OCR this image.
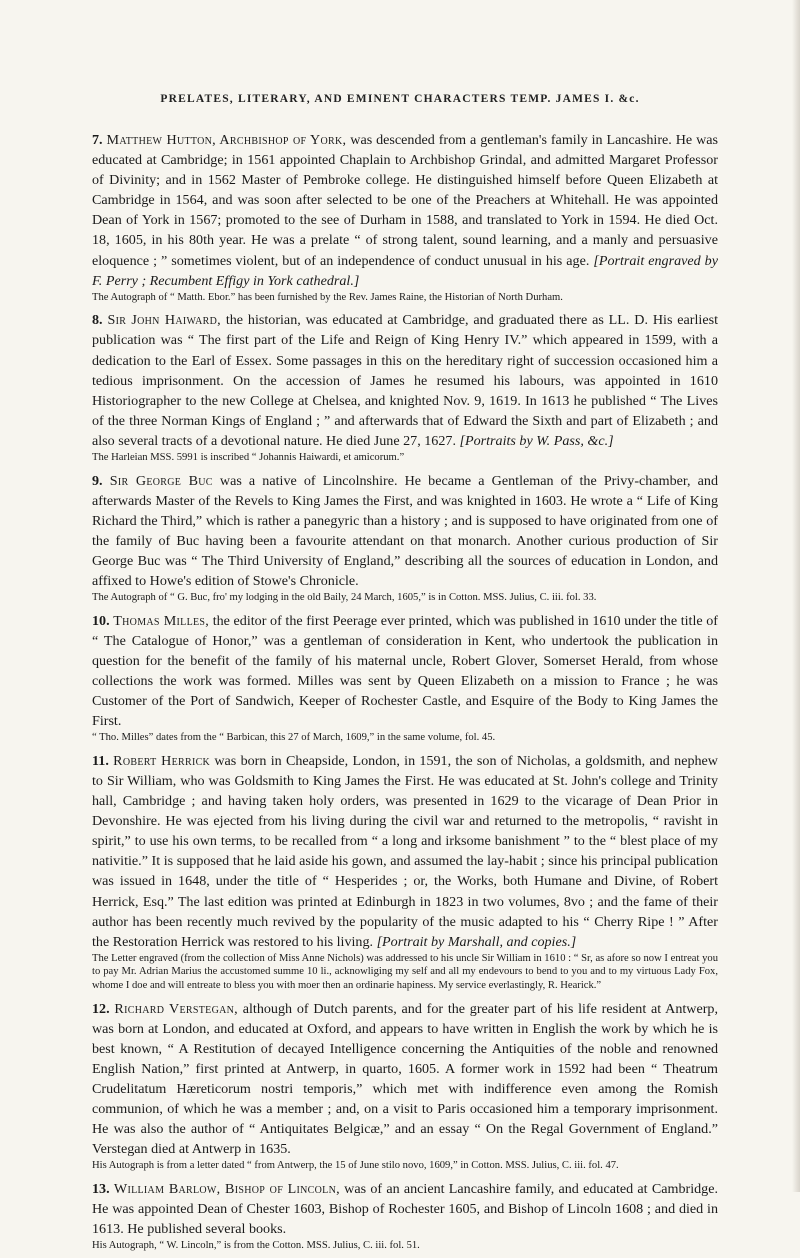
PRELATES, LITERARY, AND EMINENT CHARACTERS TEMP. JAMES I. &c.

7. Matthew Hutton, Archbishop of York, was descended from a gentleman's family in Lancashire. He was educated at Cambridge; in 1561 appointed Chaplain to Archbishop Grindal, and admitted Margaret Professor of Divinity; and in 1562 Master of Pembroke college. He distinguished himself before Queen Elizabeth at Cambridge in 1564, and was soon after selected to be one of the Preachers at Whitehall. He was appointed Dean of York in 1567; promoted to the see of Durham in 1588, and translated to York in 1594. He died Oct. 18, 1605, in his 80th year. He was a prelate “ of strong talent, sound learning, and a manly and persuasive eloquence ; ” sometimes violent, but of an independence of conduct unusual in his age. [Portrait engraved by F. Perry ; Recumbent Effigy in York cathedral.]

The Autograph of “ Matth. Ebor.” has been furnished by the Rev. James Raine, the Historian of North Durham.

8. Sir John Haiward, the historian, was educated at Cambridge, and graduated there as LL. D. His earliest publication was “ The first part of the Life and Reign of King Henry IV.” which appeared in 1599, with a dedication to the Earl of Essex. Some passages in this on the hereditary right of succession occasioned him a tedious imprisonment. On the accession of James he resumed his labours, was appointed in 1610 Historiographer to the new College at Chelsea, and knighted Nov. 9, 1619. In 1613 he published “ The Lives of the three Norman Kings of England ; ” and afterwards that of Edward the Sixth and part of Elizabeth ; and also several tracts of a devotional nature. He died June 27, 1627. [Portraits by W. Pass, &c.]

The Harleian MSS. 5991 is inscribed “ Johannis Haiwardi, et amicorum.”

9. Sir George Buc was a native of Lincolnshire. He became a Gentleman of the Privy-chamber, and afterwards Master of the Revels to King James the First, and was knighted in 1603. He wrote a “ Life of King Richard the Third,” which is rather a panegyric than a history ; and is supposed to have originated from one of the family of Buc having been a favourite attendant on that monarch. Another curious production of Sir George Buc was “ The Third University of England,” describing all the sources of education in London, and affixed to Howe's edition of Stowe's Chronicle.

The Autograph of “ G. Buc, fro' my lodging in the old Baily, 24 March, 1605,” is in Cotton. MSS. Julius, C. iii. fol. 33.

10. Thomas Milles, the editor of the first Peerage ever printed, which was published in 1610 under the title of “ The Catalogue of Honor,” was a gentleman of consideration in Kent, who undertook the publication in question for the benefit of the family of his maternal uncle, Robert Glover, Somerset Herald, from whose collections the work was formed. Milles was sent by Queen Elizabeth on a mission to France ; he was Customer of the Port of Sandwich, Keeper of Rochester Castle, and Esquire of the Body to King James the First.

“ Tho. Milles” dates from the “ Barbican, this 27 of March, 1609,” in the same volume, fol. 45.

11. Robert Herrick was born in Cheapside, London, in 1591, the son of Nicholas, a goldsmith, and nephew to Sir William, who was Goldsmith to King James the First. He was educated at St. John's college and Trinity hall, Cambridge ; and having taken holy orders, was presented in 1629 to the vicarage of Dean Prior in Devonshire. He was ejected from his living during the civil war and returned to the metropolis, “ ravisht in spirit,” to use his own terms, to be recalled from “ a long and irksome banishment ” to the “ blest place of my nativitie.” It is supposed that he laid aside his gown, and assumed the lay-habit ; since his principal publication was issued in 1648, under the title of “ Hesperides ; or, the Works, both Humane and Divine, of Robert Herrick, Esq.” The last edition was printed at Edinburgh in 1823 in two volumes, 8vo ; and the fame of their author has been recently much revived by the popularity of the music adapted to his “ Cherry Ripe ! ” After the Restoration Herrick was restored to his living. [Portrait by Marshall, and copies.]

The Letter engraved (from the collection of Miss Anne Nichols) was addressed to his uncle Sir William in 1610 : “ Sr, as afore so now I entreat you to pay Mr. Adrian Marius the accustomed summe 10 li., acknowliging my self and all my endevours to bend to you and to my virtuous Lady Fox, whome I doe and will entreate to bless you with moer then an ordinarie hapiness. My service everlastingly, R. Hearick.”

12. Richard Verstegan, although of Dutch parents, and for the greater part of his life resident at Antwerp, was born at London, and educated at Oxford, and appears to have written in English the work by which he is best known, “ A Restitution of decayed Intelligence concerning the Antiquities of the noble and renowned English Nation,” first printed at Antwerp, in quarto, 1605. A former work in 1592 had been “ Theatrum Crudelitatum Hæreticorum nostri temporis,” which met with indifference even among the Romish communion, of which he was a member ; and, on a visit to Paris occasioned him a temporary imprisonment. He was also the author of “ Antiquitates Belgicæ,” and an essay “ On the Regal Government of England.” Verstegan died at Antwerp in 1635.

His Autograph is from a letter dated “ from Antwerp, the 15 of June stilo novo, 1609,” in Cotton. MSS. Julius, C. iii. fol. 47.

13. William Barlow, Bishop of Lincoln, was of an ancient Lancashire family, and educated at Cambridge. He was appointed Dean of Chester 1603, Bishop of Rochester 1605, and Bishop of Lincoln 1608 ; and died in 1613. He published several books.

His Autograph, “ W. Lincoln,” is from the Cotton. MSS. Julius, C. iii. fol. 51.
